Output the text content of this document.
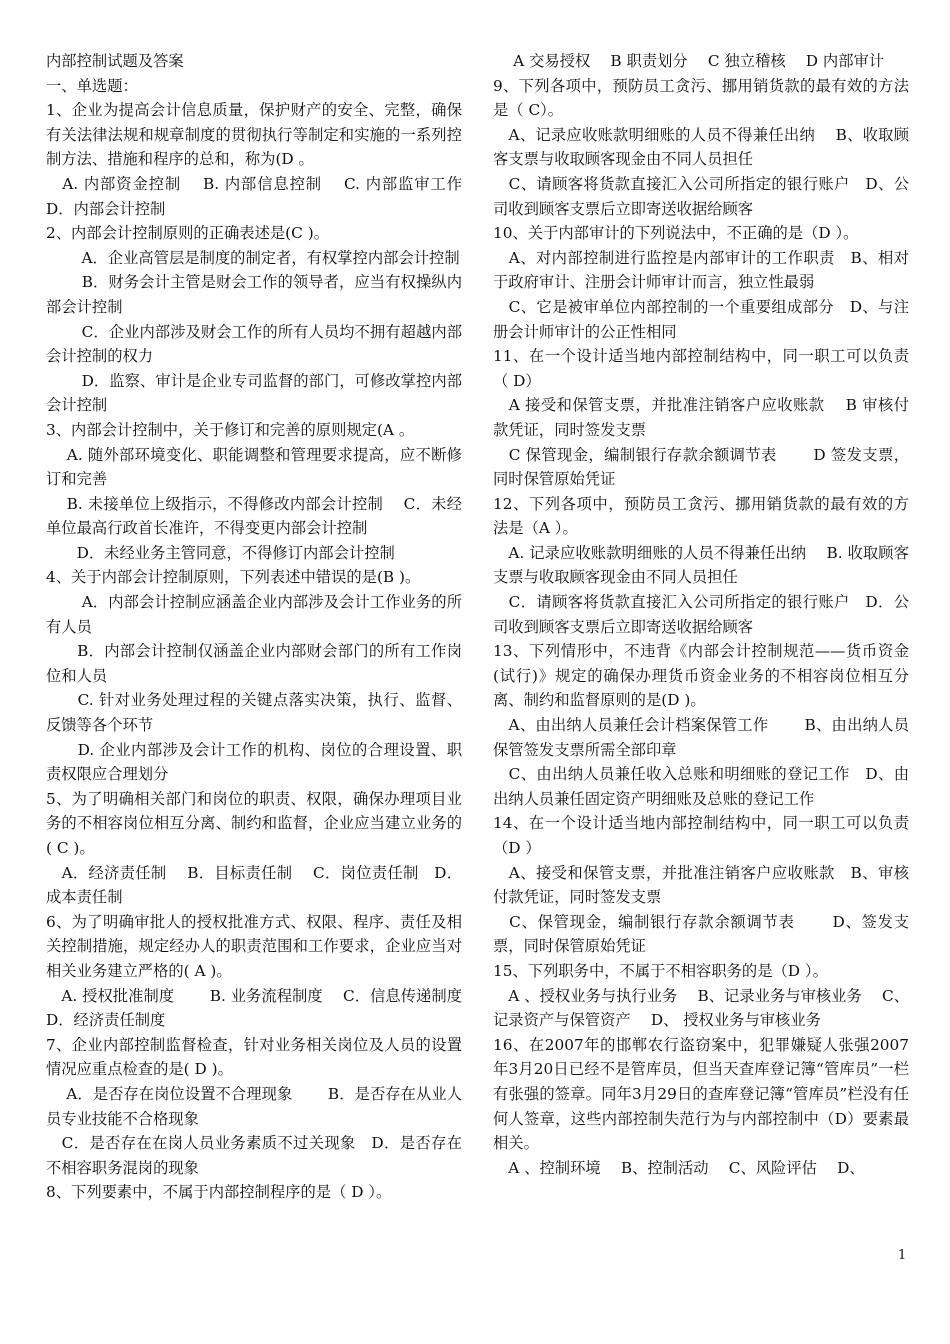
内部控制试题及答案

一、单选题：

1、企业为提高会计信息质量，保护财产的安全、完整，确保有关法律法规和规章制度的贯彻执行等制定和实施的一系列控制方法、措施和程序的总和，称为(D 。

　A. 内部资金控制　 B. 内部信息控制　 C. 内部监审工作　D．内部会计控制

2、内部会计控制原则的正确表述是(C )。

　　 A．企业高管层是制度的制定者，有权掌控内部会计控制

　　 B．财务会计主管是财会工作的领导者，应当有权操纵内部会计控制

　　 C．企业内部涉及财会工作的所有人员均不拥有超越内部会计控制的权力

　　 D．监察、审计是企业专司监督的部门，可修改掌控内部会计控制

3、内部会计控制中，关于修订和完善的原则规定(A 。

　 A. 随外部环境变化、职能调整和管理要求提高，应不断修订和完善

　 B. 未接单位上级指示，不得修改内部会计控制　 C．未经单位最高行政首长准许，不得变更内部会计控制

　　D．未经业务主管同意，不得修订内部会计控制

4、关于内部会计控制原则，下列表述中错误的是(B )。

　　 A．内部会计控制应涵盖企业内部涉及会计工作业务的所有人员

　　B．内部会计控制仅涵盖企业内部财会部门的所有工作岗位和人员

　　C. 针对业务处理过程的关键点落实决策，执行、监督、反馈等各个环节

　　D. 企业内部涉及会计工作的机构、岗位的合理设置、职责权限应合理划分

5、为了明确相关部门和岗位的职责、权限，确保办理项目业务的不相容岗位相互分离、制约和监督，企业应当建立业务的( C )。

　A．经济责任制　 B．目标责任制　 C．岗位责任制　D．成本责任制

6、为了明确审批人的授权批准方式、权限、程序、责任及相关控制措施，规定经办人的职责范围和工作要求，企业应当对相关业务建立严格的( A )。

　A. 授权批准制度　　 B. 业务流程制度　 C．信息传递制度　　 D．经济责任制度

7、企业内部控制监督检查，针对业务相关岗位及人员的设置情况应重点检查的是( D )。

　 A．是否存在岗位设置不合理现象　　 B．是否存在从业人员专业技能不合格现象

　C．是否存在在岗人员业务素质不过关现象　D．是否存在不相容职务混岗的现象

8、下列要素中，不属于内部控制程序的是（ D ）。

　 A 交易授权　 B 职责划分　 C 独立稽核　 D 内部审计

9、下列各项中，预防员工贪污、挪用销货款的最有效的方法是（ C）。

　A、记录应收账款明细账的人员不得兼任出纳　 B、收取顾客支票与收取顾客现金由不同人员担任

　C、请顾客将货款直接汇入公司所指定的银行账户　D、公司收到顾客支票后立即寄送收据给顾客

10、关于内部审计的下列说法中，不正确的是（D ）。

　A、对内部控制进行监控是内部审计的工作职责　B、相对于政府审计、注册会计师审计而言，独立性最弱

　C、它是被审单位内部控制的一个重要组成部分　D、与注册会计师审计的公正性相同

11、在一个设计适当地内部控制结构中，同一职工可以负责（ D）

　A 接受和保管支票，并批准注销客户应收账款　 B 审核付款凭证，同时签发支票

　C 保管现金，编制银行存款余额调节表　　 D 签发支票，同时保管原始凭证

12、下列各项中，预防员工贪污、挪用销货款的最有效的方法是（A ）。

　A. 记录应收账款明细账的人员不得兼任出纳　 B. 收取顾客支票与收取顾客现金由不同人员担任

　C．请顾客将货款直接汇入公司所指定的银行账户　D．公司收到顾客支票后立即寄送收据给顾客

13、下列情形中，不违背《内部会计控制规范——货币资金(试行)》规定的确保办理货币资金业务的不相容岗位相互分离、制约和监督原则的是(D )。

　A、由出纳人员兼任会计档案保管工作　　 B、由出纳人员保管签发支票所需全部印章

　C、由出纳人员兼任收入总账和明细账的登记工作　D、由出纳人员兼任固定资产明细账及总账的登记工作

14、在一个设计适当地内部控制结构中，同一职工可以负责（D ）

　A、接受和保管支票，并批准注销客户应收账款　B、审核付款凭证，同时签发支票

　C、保管现金，编制银行存款余额调节表　　 D、签发支票，同时保管原始凭证

15、下列职务中，不属于不相容职务的是（D ）。

　A 、授权业务与执行业务　 B、记录业务与审核业务　 C、记录资产与保管资产　 D、 授权业务与审核业务

16、在2007年的邯郸农行盗窃案中，犯罪嫌疑人张强2007年3月20日已经不是管库员，但当天查库登记簿“管库员”一栏有张强的签章。同年3月29日的查库登记簿“管库员”栏没有任何人签章，这些内部控制失范行为与内部控制中（D）要素最相关。

　A 、控制环境　 B、控制活动　 C、风险评估　 D、

1
